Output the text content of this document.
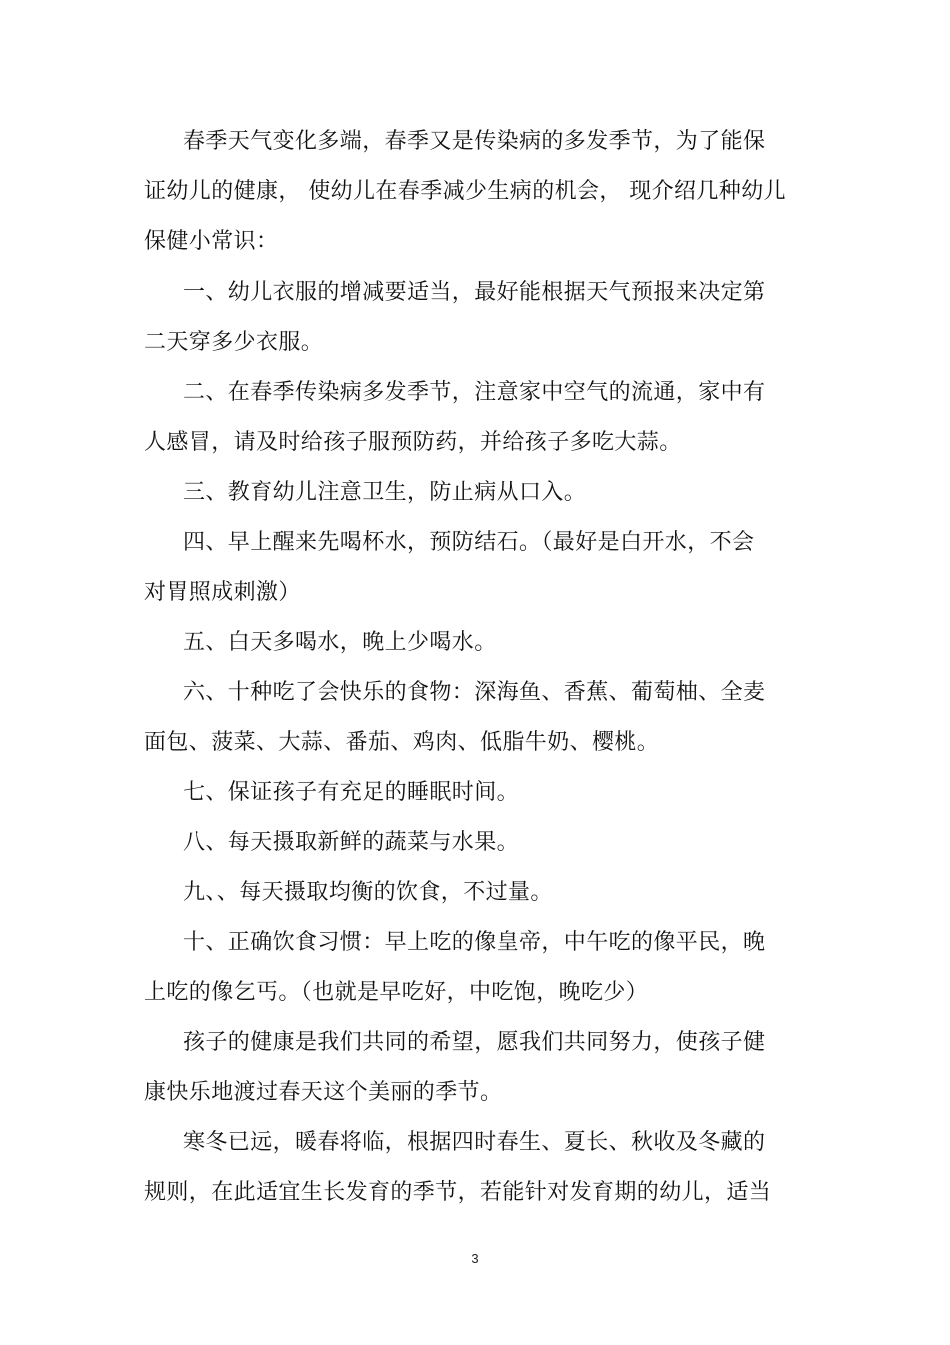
春季天气变化多端，春季又是传染病的多发季节，为了能保
证幼儿的健康， 使幼儿在春季减少生病的机会， 现介绍几种幼儿
保健小常识：
一、幼儿衣服的增减要适当，最好能根据天气预报来决定第
二天穿多少衣服。
二、在春季传染病多发季节，注意家中空气的流通，家中有
人感冒，请及时给孩子服预防药，并给孩子多吃大蒜。
三、教育幼儿注意卫生，防止病从口入。
四、早上醒来先喝杯水，预防结石。（最好是白开水，不会
对胃照成刺激）
五、白天多喝水，晚上少喝水。
六、十种吃了会快乐的食物：深海鱼、香蕉、葡萄柚、全麦
面包、菠菜、大蒜、番茄、鸡肉、低脂牛奶、樱桃。
七、保证孩子有充足的睡眠时间。
八、每天摄取新鲜的蔬菜与水果。
九、、每天摄取均衡的饮食，不过量。
十、正确饮食习惯：早上吃的像皇帝，中午吃的像平民，晚
上吃的像乞丐。（也就是早吃好，中吃饱，晚吃少）
孩子的健康是我们共同的希望，愿我们共同努力，使孩子健
康快乐地渡过春天这个美丽的季节。
寒冬已远，暖春将临，根据四时春生、夏长、秋收及冬藏的
规则，在此适宜生长发育的季节，若能针对发育期的幼儿，适当
3
